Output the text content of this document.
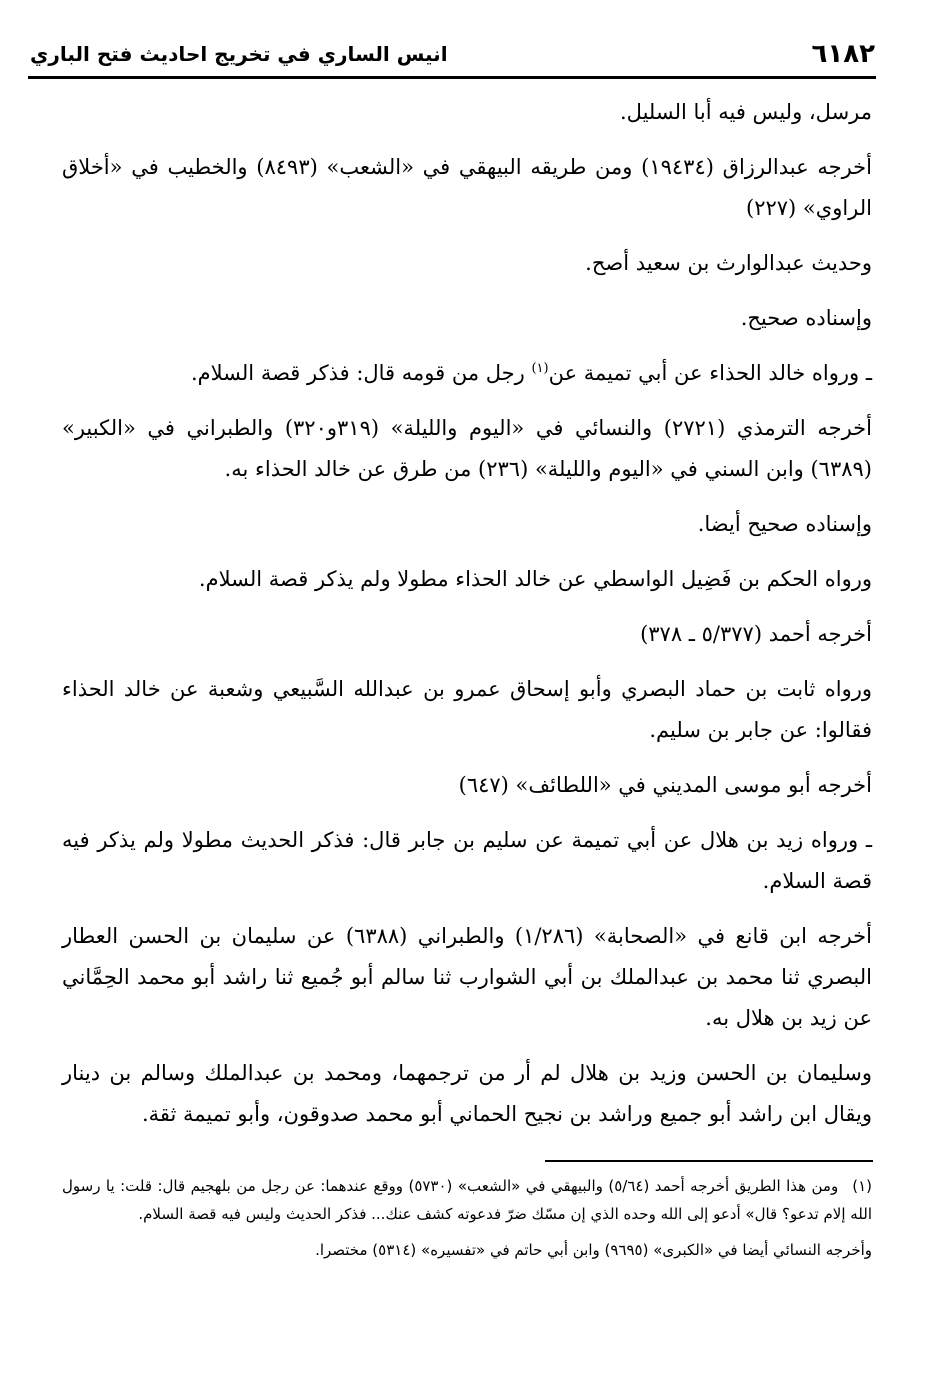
٦١٨٢
انيس الساري في تخريج احاديث فتح الباري

مرسل، وليس فيه أبا السليل.

أخرجه عبدالرزاق (١٩٤٣٤) ومن طريقه البيهقي في «الشعب» (٨٤٩٣) والخطيب في «أخلاق الراوي» (٢٢٧)

وحديث عبدالوارث بن سعيد أصح.

وإسناده صحيح.

ـ ورواه خالد الحذاء عن أبي تميمة عن$^{(١)}$ رجل من قومه قال: فذكر قصة السلام.

أخرجه الترمذي (٢٧٢١) والنسائي في «اليوم والليلة» (٣١٩و٣٢٠) والطبراني في «الكبير» (٦٣٨٩) وابن السني في «اليوم والليلة» (٢٣٦) من طرق عن خالد الحذاء به.

وإسناده صحيح أيضا.

ورواه الحكم بن فَضِيل الواسطي عن خالد الحذاء مطولا ولم يذكر قصة السلام.

أخرجه أحمد (٥/٣٧٧ ـ ٣٧٨)

ورواه ثابت بن حماد البصري وأبو إسحاق عمرو بن عبدالله السَّبيعي وشعبة عن خالد الحذاء فقالوا: عن جابر بن سليم.

أخرجه أبو موسى المديني في «اللطائف» (٦٤٧)

ـ ورواه زيد بن هلال عن أبي تميمة عن سليم بن جابر قال: فذكر الحديث مطولا ولم يذكر فيه قصة السلام.

أخرجه ابن قانع في «الصحابة» (١/٢٨٦) والطبراني (٦٣٨٨) عن سليمان بن الحسن العطار البصري ثنا محمد بن عبدالملك بن أبي الشوارب ثنا سالم أبو جُميع ثنا راشد أبو محمد الحِمَّاني عن زيد بن هلال به.

وسليمان بن الحسن وزيد بن هلال لم أر من ترجمهما، ومحمد بن عبدالملك وسالم بن دينار ويقال ابن راشد أبو جميع وراشد بن نجيح الحماني أبو محمد صدوقون، وأبو تميمة ثقة.

(١)ومن هذا الطريق أخرجه أحمد (٥/٦٤) والبيهقي في «الشعب» (٥٧٣٠) ووقع عندهما: عن رجل من بلهجيم قال: قلت: يا رسول الله إلام تدعو؟ قال» أدعو إلى الله وحده الذي إن مسّك ضرّ فدعوته كشف عنك... فذكر الحديث وليس فيه قصة السلام.

وأخرجه النسائي أيضا في «الكبرى» (٩٦٩٥) وابن أبي حاتم في «تفسيره» (٥٣١٤) مختصرا.
